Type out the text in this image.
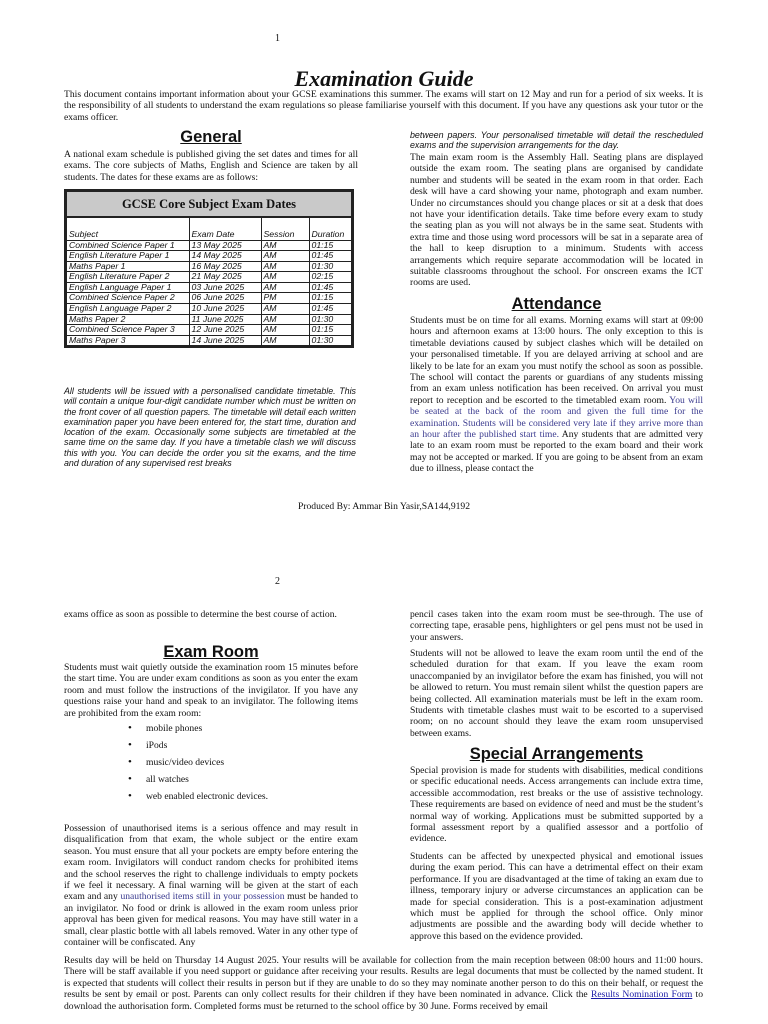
1
Examination Guide

This document contains important information about your GCSE examinations this summer. The exams will start on 12 May and run for a period of six weeks. It is the responsibility of all students to understand the exam regulations so please familiarise yourself with this document. If you have any questions ask your tutor or the exams officer.

General

A national exam schedule is published giving the set dates and times for all exams. The core subjects of Maths, English and Science are taken by all students. The dates for these exams are as follows:

GCSE Core Subject Exam Dates
Subject	Exam Date	Session	Duration
Combined Science Paper 1	13 May 2025	AM	01:15
English Literature Paper 1	14 May 2025	AM	01:45
Maths Paper 1	16 May 2025	AM	01:30
English Literature Paper 2	21 May 2025	AM	02:15
English Language Paper 1	03 June 2025	AM	01:45
Combined Science Paper 2	06 June 2025	PM	01:15
English Language Paper 2	10 June 2025	AM	01:45
Maths Paper 2	11 June 2025	AM	01:30
Combined Science Paper 3	12 June 2025	AM	01:15
Maths Paper 3	14 June 2025	AM	01:30

All students will be issued with a personalised candidate timetable. This will contain a unique four-digit candidate number which must be written on the front cover of all question papers. The timetable will detail each written examination paper you have been entered for, the start time, duration and location of the exam. Occasionally some subjects are timetabled at the same time on the same day. If you have a timetable clash we will discuss this with you. You can decide the order you sit the exams, and the time and duration of any supervised rest breaks

between papers. Your personalised timetable will detail the rescheduled exams and the supervision arrangements for the day.

The main exam room is the Assembly Hall. Seating plans are displayed outside the exam room. The seating plans are organised by candidate number and students will be seated in the exam room in that order. Each desk will have a card showing your name, photograph and exam number. Under no circumstances should you change places or sit at a desk that does not have your identification details. Take time before every exam to study the seating plan as you will not always be in the same seat. Students with extra time and those using word processors will be sat in a separate area of the hall to keep disruption to a minimum. Students with access arrangements which require separate accommodation will be located in suitable classrooms throughout the school. For onscreen exams the ICT rooms are used.

Attendance

Students must be on time for all exams. Morning exams will start at 09:00 hours and afternoon exams at 13:00 hours. The only exception to this is timetable deviations caused by subject clashes which will be detailed on your personalised timetable. If you are delayed arriving at school and are likely to be late for an exam you must notify the school as soon as possible. The school will contact the parents or guardians of any students missing from an exam unless notification has been received. On arrival you must report to reception and be escorted to the timetabled exam room. You will be seated at the back of the room and given the full time for the examination. Students will be considered very late if they arrive more than an hour after the published start time. Any students that are admitted very late to an exam room must be reported to the exam board and their work may not be accepted or marked. If you are going to be absent from an exam due to illness, please contact the

Produced By: Ammar Bin Yasir,SA144,9192
2

exams office as soon as possible to determine the best course of action.

Exam Room

Students must wait quietly outside the examination room 15 minutes before the start time. You are under exam conditions as soon as you enter the exam room and must follow the instructions of the invigilator. If you have any questions raise your hand and speak to an invigilator. The following items are prohibited from the exam room:

• mobile phones
• iPods
• music/video devices
• all watches
• web enabled electronic devices.

Possession of unauthorised items is a serious offence and may result in disqualification from that exam, the whole subject or the entire exam season. You must ensure that all your pockets are empty before entering the exam room. Invigilators will conduct random checks for prohibited items and the school reserves the right to challenge individuals to empty pockets if we feel it necessary. A final warning will be given at the start of each exam and any unauthorised items still in your possession must be handed to an invigilator. No food or drink is allowed in the exam room unless prior approval has been given for medical reasons. You may have still water in a small, clear plastic bottle with all labels removed. Water in any other type of container will be confiscated. Any

pencil cases taken into the exam room must be see-through. The use of correcting tape, erasable pens, highlighters or gel pens must not be used in your answers.

Students will not be allowed to leave the exam room until the end of the scheduled duration for that exam. If you leave the exam room unaccompanied by an invigilator before the exam has finished, you will not be allowed to return. You must remain silent whilst the question papers are being collected. All examination materials must be left in the exam room. Students with timetable clashes must wait to be escorted to a supervised room; on no account should they leave the exam room unsupervised between exams.

Special Arrangements

Special provision is made for students with disabilities, medical conditions or specific educational needs. Access arrangements can include extra time, accessible accommodation, rest breaks or the use of assistive technology. These requirements are based on evidence of need and must be the student’s normal way of working. Applications must be submitted supported by a formal assessment report by a qualified assessor and a portfolio of evidence.

Students can be affected by unexpected physical and emotional issues during the exam period. This can have a detrimental effect on their exam performance. If you are disadvantaged at the time of taking an exam due to illness, temporary injury or adverse circumstances an application can be made for special consideration. This is a post-examination adjustment which must be applied for through the school office. Only minor adjustments are possible and the awarding body will decide whether to approve this based on the evidence provided.

Results day will be held on Thursday 14 August 2025. Your results will be available for collection from the main reception between 08:00 hours and 11:00 hours. There will be staff available if you need support or guidance after receiving your results. Results are legal documents that must be collected by the named student. It is expected that students will collect their results in person but if they are unable to do so they may nominate another person to do this on their behalf, or request the results be sent by email or post. Parents can only collect results for their children if they have been nominated in advance. Click the Results Nomination Form to download the authorisation form. Completed forms must be returned to the school office by 30 June. Forms received by email
